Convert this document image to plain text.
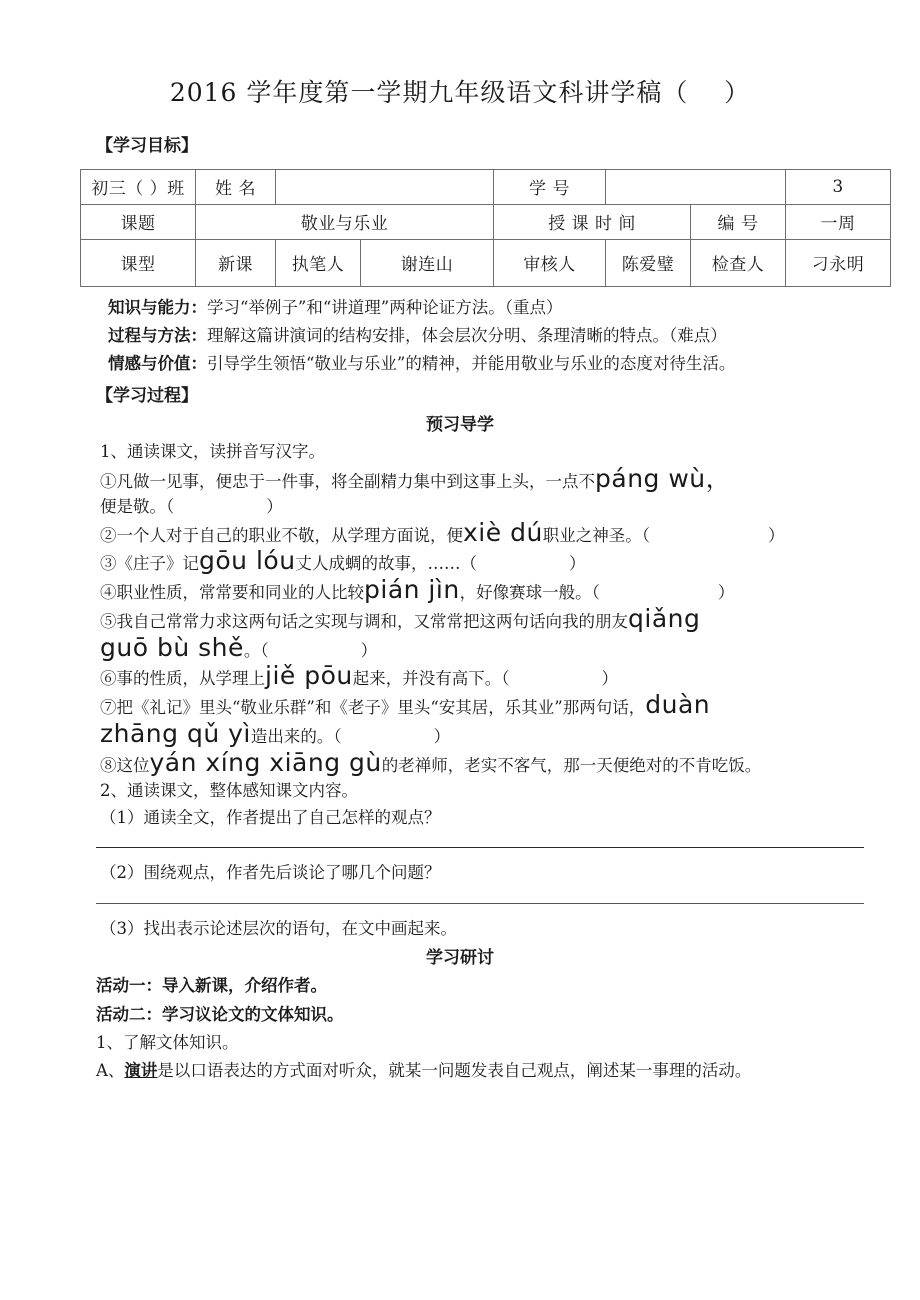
2016 学年度第一学期九年级语文科讲学稿（    ）
【学习目标】
初三（ ）班	姓 名			学 号			3
课题	敬业与乐业			授 课 时 间		编 号	一周
课型	新课	执笔人	谢连山	审核人	陈爱璧	检查人	刁永明
知识与能力：学习“举例子”和“讲道理”两种论证方法。（重点）
过程与方法：理解这篇讲演词的结构安排，体会层次分明、条理清晰的特点。（难点）
情感与价值：引导学生领悟“敬业与乐业”的精神，并能用敬业与乐业的态度对待生活。
【学习过程】
预习导学
1、通读课文，读拼音写汉字。
①凡做一见事，便忠于一件事，将全副精力集中到这事上头，一点不páng wù，
便是敬。（	）
②一个人对于自己的职业不敬，从学理方面说，便xiè dú职业之神圣。（	）
③《庄子》记gōu lóu丈人成蜩的故事，……（	）
④职业性质，常常要和同业的人比较pián jìn，好像赛球一般。（	）
⑤我自己常常力求这两句话之实现与调和，又常常把这两句话向我的朋友qiǎng
guō bù shě。（	）
⑥事的性质，从学理上jiě pōu起来，并没有高下。（	）
⑦把《礼记》里头“敬业乐群”和《老子》里头“安其居，乐其业”那两句话，duàn
zhāng qǔ yì造出来的。（	）
⑧这位yán xíng xiāng gù的老禅师，老实不客气，那一天便绝对的不肯吃饭。
2、通读课文，整体感知课文内容。
（1）通读全文，作者提出了自己怎样的观点？
（2）围绕观点，作者先后谈论了哪几个问题？
（3）找出表示论述层次的语句，在文中画起来。
学习研讨
活动一：导入新课，介绍作者。
活动二：学习议论文的文体知识。
1、了解文体知识。
A、演讲是以口语表达的方式面对听众，就某一问题发表自己观点，阐述某一事理的活动。
